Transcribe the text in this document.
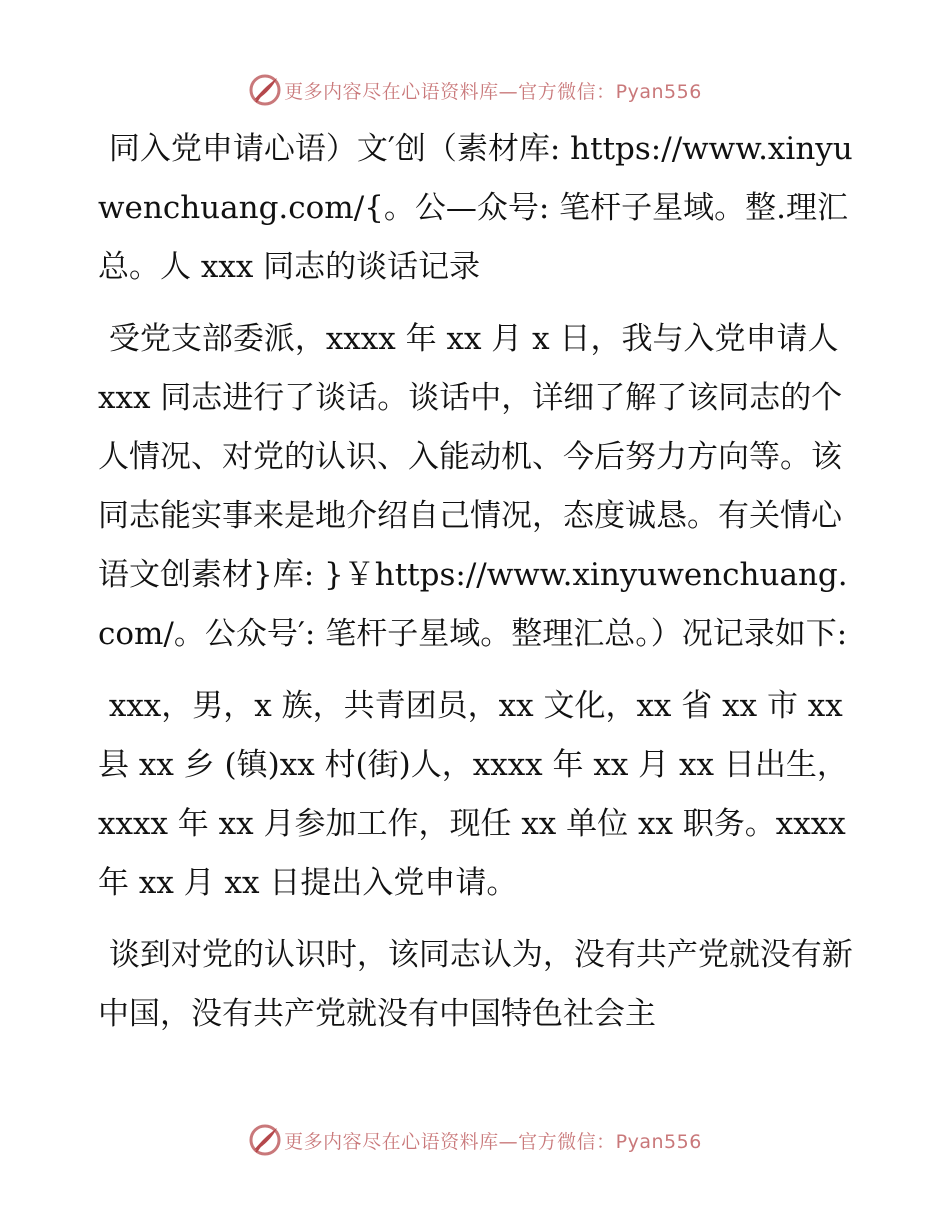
更多内容尽在心语资料库—官方微信：Pyan556

同入党申请心语）文′创（素材库: https://www.xinyuwenchuang.com/{。公—众号: 笔杆子星域。整.理汇总。人 xxx 同志的谈话记录

受党支部委派，xxxx 年 xx 月 x 日，我与入党申请人 xxx 同志进行了谈话。谈话中，详细了解了该同志的个人情况、对党的认识、入能动机、今后努力方向等。该同志能实事来是地介绍自己情况，态度诚恳。有关情心语文创素材}库: }￥https://www.xinyuwenchuang.com/。公众号′: 笔杆子星域。整理汇总。）况记录如下:

xxx，男，x 族，共青团员，xx 文化，xx 省 xx 市 xx 县 xx 乡 (镇)xx 村(街)人，xxxx 年 xx 月 xx 日出生，xxxx 年 xx 月参加工作，现任 xx 单位 xx 职务。xxxx 年 xx 月 xx 日提出入党申请。

谈到对党的认识时，该同志认为，没有共产党就没有新中国，没有共产党就没有中国特色社会主

更多内容尽在心语资料库—官方微信：Pyan556
